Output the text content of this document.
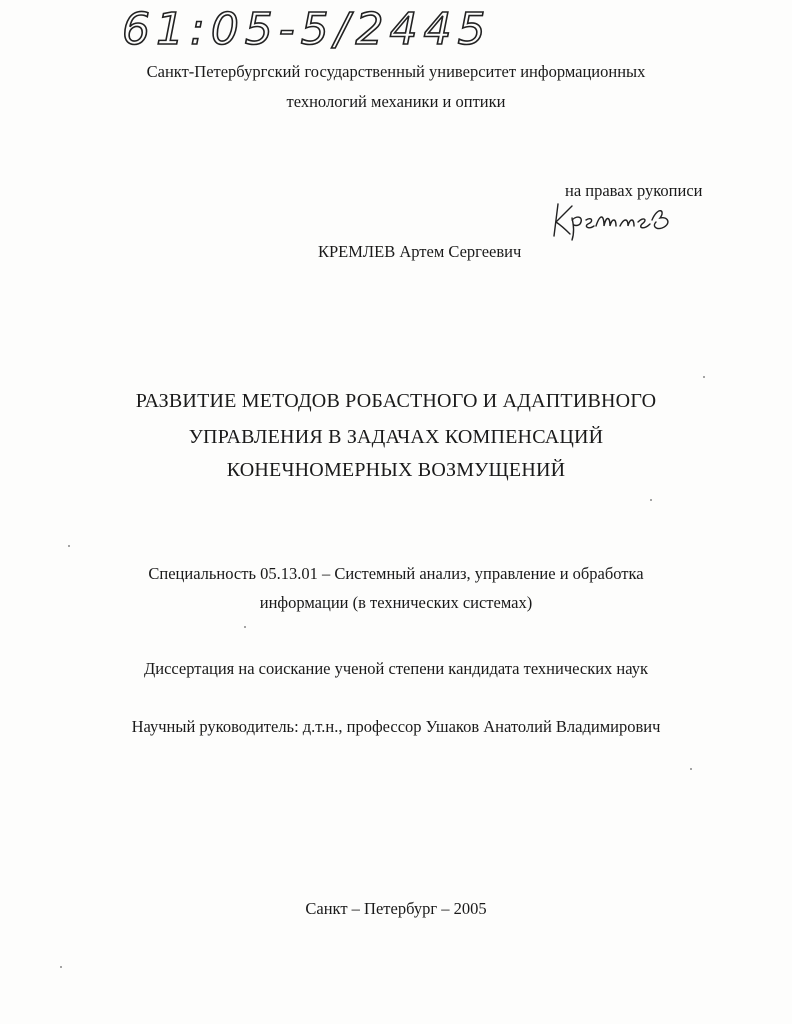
61:05-5/2445
Санкт-Петербургский государственный университет информационных
технологий механики и оптики
на правах рукописи
КРЕМЛЕВ Артем Сергеевич
РАЗВИТИЕ МЕТОДОВ РОБАСТНОГО И АДАПТИВНОГО
УПРАВЛЕНИЯ В ЗАДАЧАХ КОМПЕНСАЦИЙ
КОНЕЧНОМЕРНЫХ ВОЗМУЩЕНИЙ
Специальность 05.13.01 – Системный анализ, управление и обработка
информации (в технических системах)
Диссертация на соискание ученой степени кандидата технических наук
Научный руководитель: д.т.н., профессор Ушаков Анатолий Владимирович
Санкт – Петербург – 2005
